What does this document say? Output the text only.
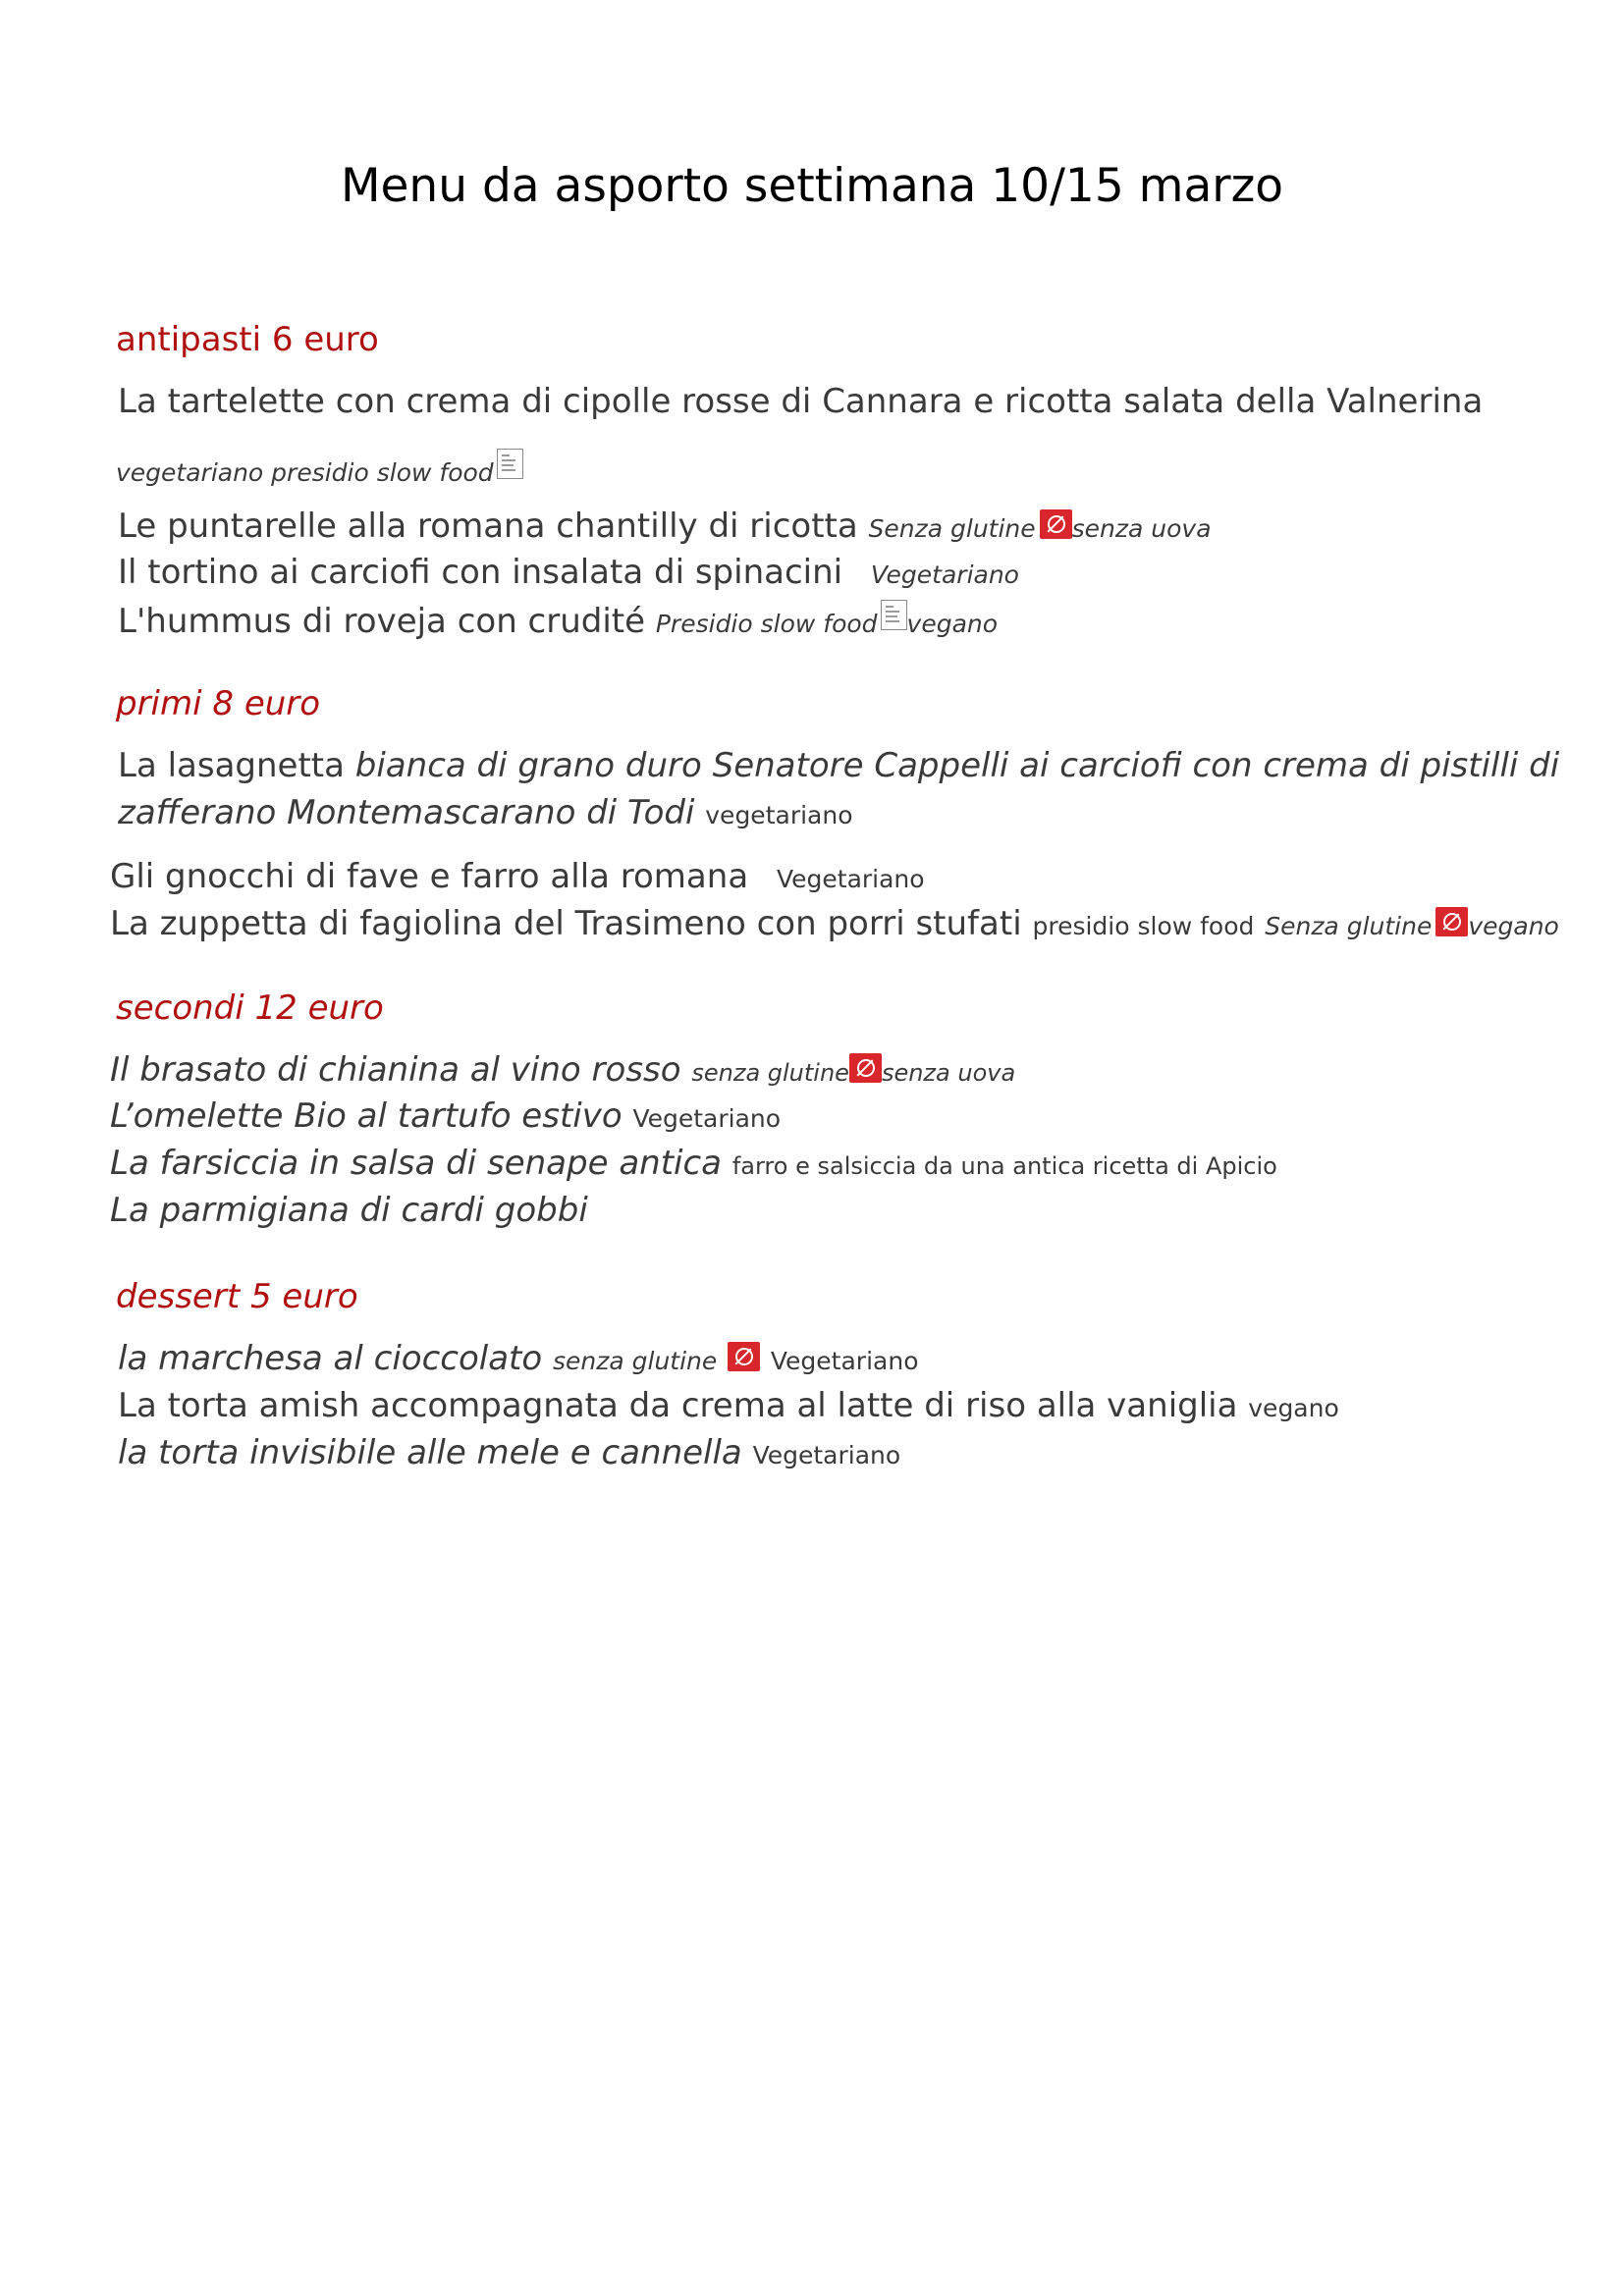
Menu da asporto settimana 10/15 marzo
antipasti 6 euro
La tartelette con crema di cipolle rosse di Cannara e ricotta salata della Valnerina
vegetariano presidio slow food
Le puntarelle alla romana chantilly di ricotta Senza glutine senza uova
Il tortino ai carciofi con insalata di spinacini Vegetariano
L'hummus di roveja con crudité Presidio slow food vegano
primi 8 euro
La lasagnetta bianca di grano duro Senatore Cappelli ai carciofi con crema di pistilli di
zafferano Montemascarano di Todi vegetariano
Gli gnocchi di fave e farro alla romana Vegetariano
La zuppetta di fagiolina del Trasimeno con porri stufati presidio slow food Senza glutine vegano
secondi 12 euro
Il brasato di chianina al vino rosso senza glutine senza uova
L’omelette Bio al tartufo estivo Vegetariano
La farsiccia in salsa di senape antica farro e salsiccia da una antica ricetta di Apicio
La parmigiana di cardi gobbi
dessert 5 euro
la marchesa al cioccolato senza glutine Vegetariano
La torta amish accompagnata da crema al latte di riso alla vaniglia vegano
la torta invisibile alle mele e cannella Vegetariano
